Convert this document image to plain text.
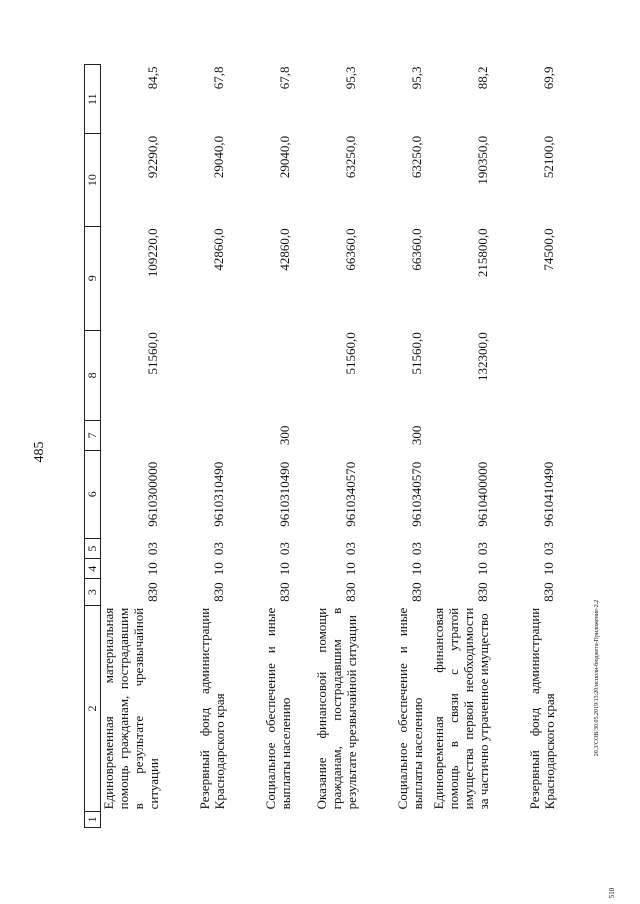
485
1	2	3	4	5	6	7	8	9	10	11
	Единовременная материальная помощь гражданам, пострадавшим в результате чрезвычайной ситуации	830	10	03	9610300000		51560,0	109220,0	92290,0	84,5
	Резервный фонд администрации Краснодарского края	830	10	03	9610310490			42860,0	29040,0	67,8
	Социальное обеспечение и иные выплаты населению	830	10	03	9610310490	300		42860,0	29040,0	67,8
	Оказание финансовой помощи гражданам, пострадавшим в результате чрезвычайной ситуации	830	10	03	9610340570		51560,0	66360,0	63250,0	95,3
	Социальное обеспечение и иные выплаты населению	830	10	03	9610340570	300	51560,0	66360,0	63250,0	95,3
	Единовременная финансовая помощь в связи с утратой имущества первой необходимости за частично утраченное имущество	830	10	03	9610400000		132300,0	215800,0	190350,0	88,2
	Резервный фонд администрации Краснодарского края	830	10	03	9610410490			74500,0	52100,0	69,9
20.3/СОВ/30.05.2019/13:20/исполн-бюджета-Приложение-2.2
510
